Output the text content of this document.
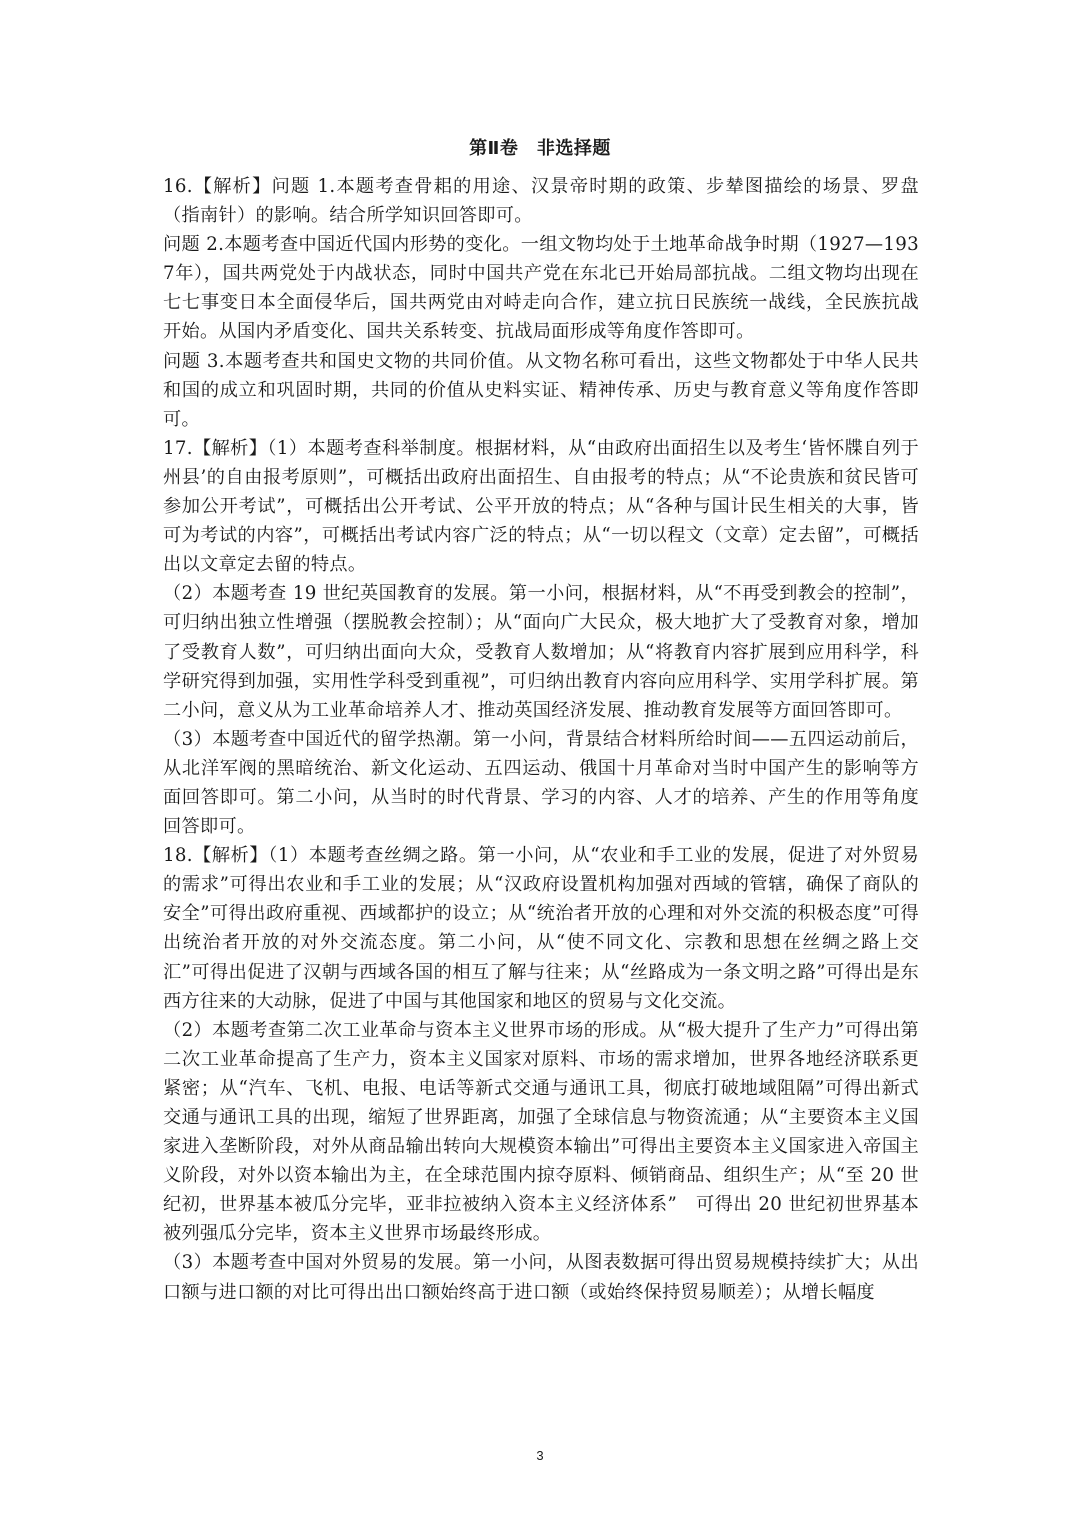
第Ⅱ卷　非选择题

16.【解析】问题 1.本题考查骨耜的用途、汉景帝时期的政策、步辇图描绘的场景、罗盘（指南针）的影响。结合所学知识回答即可。

问题 2.本题考查中国近代国内形势的变化。一组文物均处于土地革命战争时期（1927—1937年），国共两党处于内战状态，同时中国共产党在东北已开始局部抗战。二组文物均出现在七七事变日本全面侵华后，国共两党由对峙走向合作，建立抗日民族统一战线，全民族抗战开始。从国内矛盾变化、国共关系转变、抗战局面形成等角度作答即可。

问题 3.本题考查共和国史文物的共同价值。从文物名称可看出，这些文物都处于中华人民共和国的成立和巩固时期，共同的价值从史料实证、精神传承、历史与教育意义等角度作答即可。

17.【解析】（1）本题考查科举制度。根据材料，从“由政府出面招生以及考生‘皆怀牒自列于州县’的自由报考原则”，可概括出政府出面招生、自由报考的特点；从“不论贵族和贫民皆可参加公开考试”，可概括出公开考试、公平开放的特点；从“各种与国计民生相关的大事，皆可为考试的内容”，可概括出考试内容广泛的特点；从“一切以程文（文章）定去留”，可概括出以文章定去留的特点。

（2）本题考查 19 世纪英国教育的发展。第一小问，根据材料，从“不再受到教会的控制”，可归纳出独立性增强（摆脱教会控制）；从“面向广大民众，极大地扩大了受教育对象，增加了受教育人数”，可归纳出面向大众，受教育人数增加；从“将教育内容扩展到应用科学，科学研究得到加强，实用性学科受到重视”，可归纳出教育内容向应用科学、实用学科扩展。第二小问，意义从为工业革命培养人才、推动英国经济发展、推动教育发展等方面回答即可。

（3）本题考查中国近代的留学热潮。第一小问，背景结合材料所给时间——五四运动前后，从北洋军阀的黑暗统治、新文化运动、五四运动、俄国十月革命对当时中国产生的影响等方面回答即可。第二小问，从当时的时代背景、学习的内容、人才的培养、产生的作用等角度回答即可。

18.【解析】（1）本题考查丝绸之路。第一小问，从“农业和手工业的发展，促进了对外贸易的需求”可得出农业和手工业的发展；从“汉政府设置机构加强对西域的管辖，确保了商队的安全”可得出政府重视、西域都护的设立；从“统治者开放的心理和对外交流的积极态度”可得出统治者开放的对外交流态度。第二小问，从“使不同文化、宗教和思想在丝绸之路上交汇”可得出促进了汉朝与西域各国的相互了解与往来；从“丝路成为一条文明之路”可得出是东西方往来的大动脉，促进了中国与其他国家和地区的贸易与文化交流。

（2）本题考查第二次工业革命与资本主义世界市场的形成。从“极大提升了生产力”可得出第二次工业革命提高了生产力，资本主义国家对原料、市场的需求增加，世界各地经济联系更紧密；从“汽车、飞机、电报、电话等新式交通与通讯工具，彻底打破地域阻隔”可得出新式交通与通讯工具的出现，缩短了世界距离，加强了全球信息与物资流通；从“主要资本主义国家进入垄断阶段，对外从商品输出转向大规模资本输出”可得出主要资本主义国家进入帝国主义阶段，对外以资本输出为主，在全球范围内掠夺原料、倾销商品、组织生产；从“至 20 世纪初，世界基本被瓜分完毕，亚非拉被纳入资本主义经济体系”　可得出 20 世纪初世界基本被列强瓜分完毕，资本主义世界市场最终形成。

（3）本题考查中国对外贸易的发展。第一小问，从图表数据可得出贸易规模持续扩大；从出口额与进口额的对比可得出出口额始终高于进口额（或始终保持贸易顺差）；从增长幅度

3
